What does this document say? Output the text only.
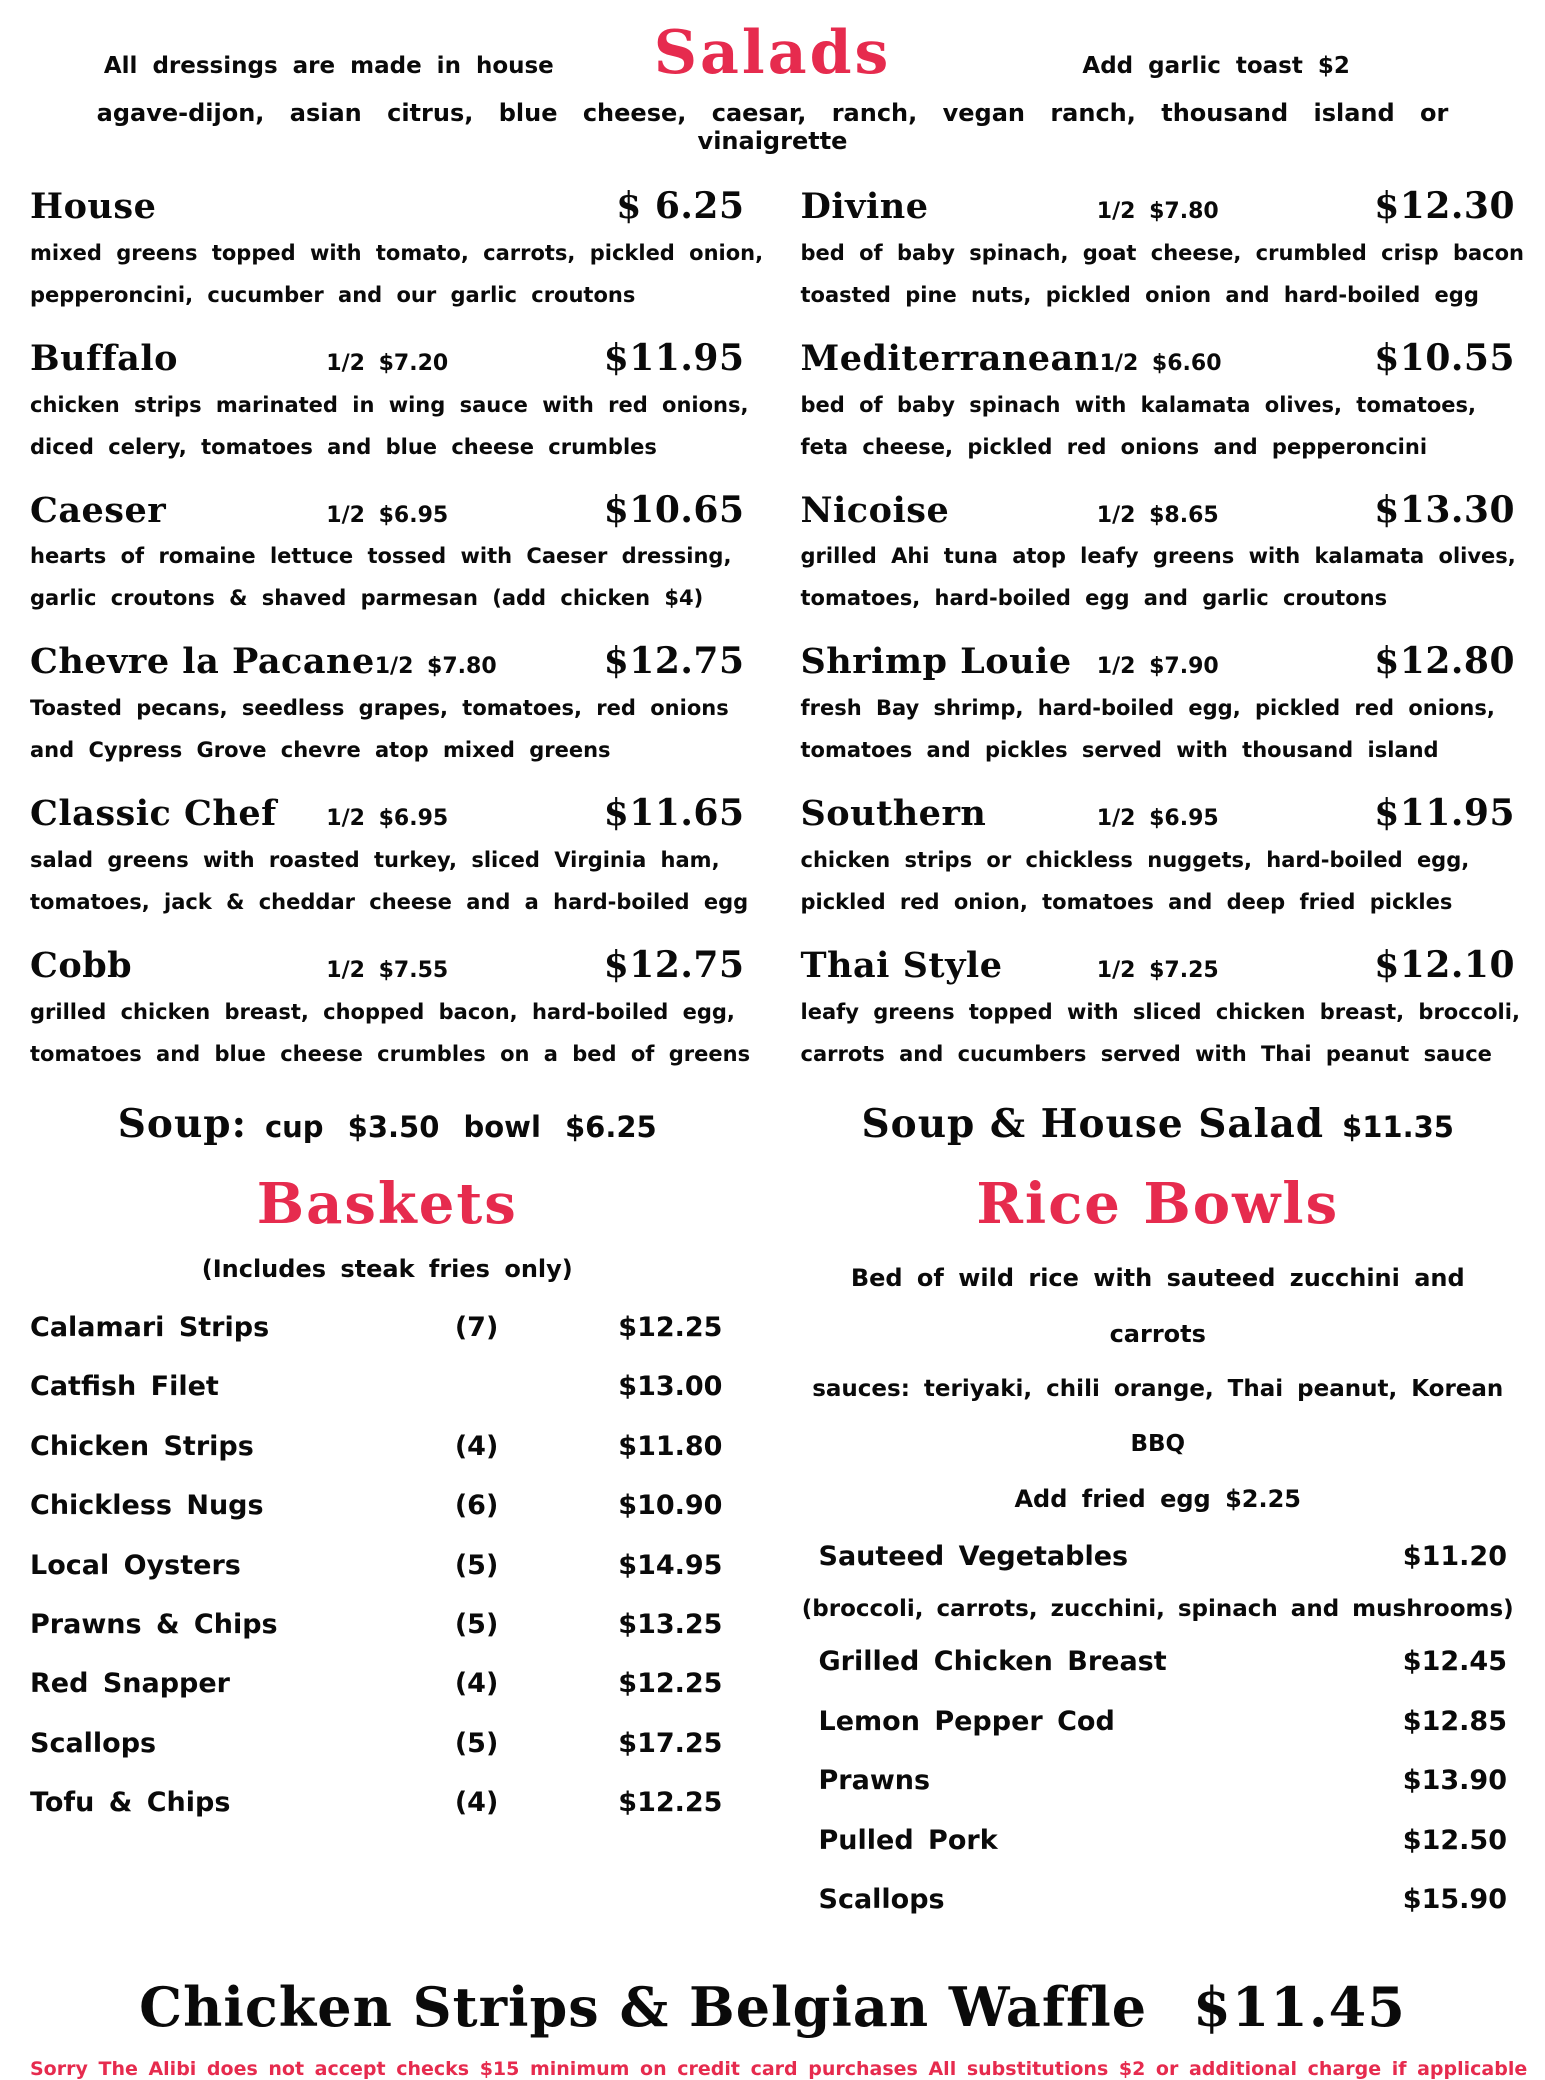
All dressings are made in house	Salads	Add garlic toast $2
agave-dijon, asian citrus, blue cheese, caesar, ranch, vegan ranch, thousand island or vinaigrette
House	$ 6.25
mixed greens topped with tomato, carrots, pickled onion,
pepperoncini, cucumber and our garlic croutons
Buffalo	1/2 $7.20	$11.95
chicken strips marinated in wing sauce with red onions,
diced celery, tomatoes and blue cheese crumbles
Caeser	1/2 $6.95	$10.65
hearts of romaine lettuce tossed with Caeser dressing,
garlic croutons & shaved parmesan (add chicken $4)
Chevre la Pacane 1/2 $7.80	$12.75
Toasted pecans, seedless grapes, tomatoes, red onions
and Cypress Grove chevre atop mixed greens
Classic Chef	1/2 $6.95	$11.65
salad greens with roasted turkey, sliced Virginia ham,
tomatoes, jack & cheddar cheese and a hard-boiled egg
Cobb	1/2 $7.55	$12.75
grilled chicken breast, chopped bacon, hard-boiled egg,
tomatoes and blue cheese crumbles on a bed of greens
Soup: cup $3.50 bowl $6.25
Baskets
(Includes steak fries only)
Calamari Strips	(7)	$12.25
Catfish Filet	$13.00
Chicken Strips	(4)	$11.80
Chickless Nugs	(6)	$10.90
Local Oysters	(5)	$14.95
Prawns & Chips	(5)	$13.25
Red Snapper	(4)	$12.25
Scallops	(5)	$17.25
Tofu & Chips	(4)	$12.25
Divine	1/2 $7.80	$12.30
bed of baby spinach, goat cheese, crumbled crisp bacon
toasted pine nuts, pickled onion and hard-boiled egg
Mediterranean 1/2 $6.60	$10.55
bed of baby spinach with kalamata olives, tomatoes,
feta cheese, pickled red onions and pepperoncini
Nicoise	1/2 $8.65	$13.30
grilled Ahi tuna atop leafy greens with kalamata olives,
tomatoes, hard-boiled egg and garlic croutons
Shrimp Louie	1/2 $7.90	$12.80
fresh Bay shrimp, hard-boiled egg, pickled red onions,
tomatoes and pickles served with thousand island
Southern	1/2 $6.95	$11.95
chicken strips or chickless nuggets, hard-boiled egg,
pickled red onion, tomatoes and deep fried pickles
Thai Style	1/2 $7.25	$12.10
leafy greens topped with sliced chicken breast, broccoli,
carrots and cucumbers served with Thai peanut sauce
Soup & House Salad $11.35
Rice Bowls
Bed of wild rice with sauteed zucchini and carrots
sauces: teriyaki, chili orange, Thai peanut, Korean BBQ
Add fried egg $2.25
Sauteed Vegetables	$11.20
(broccoli, carrots, zucchini, spinach and mushrooms)
Grilled Chicken Breast	$12.45
Lemon Pepper Cod	$12.85
Prawns	$13.90
Pulled Pork	$12.50
Scallops	$15.90
Chicken Strips & Belgian Waffle $11.45
Sorry The Alibi does not accept checks $15 minimum on credit card purchases All substitutions $2 or additional charge if applicable
